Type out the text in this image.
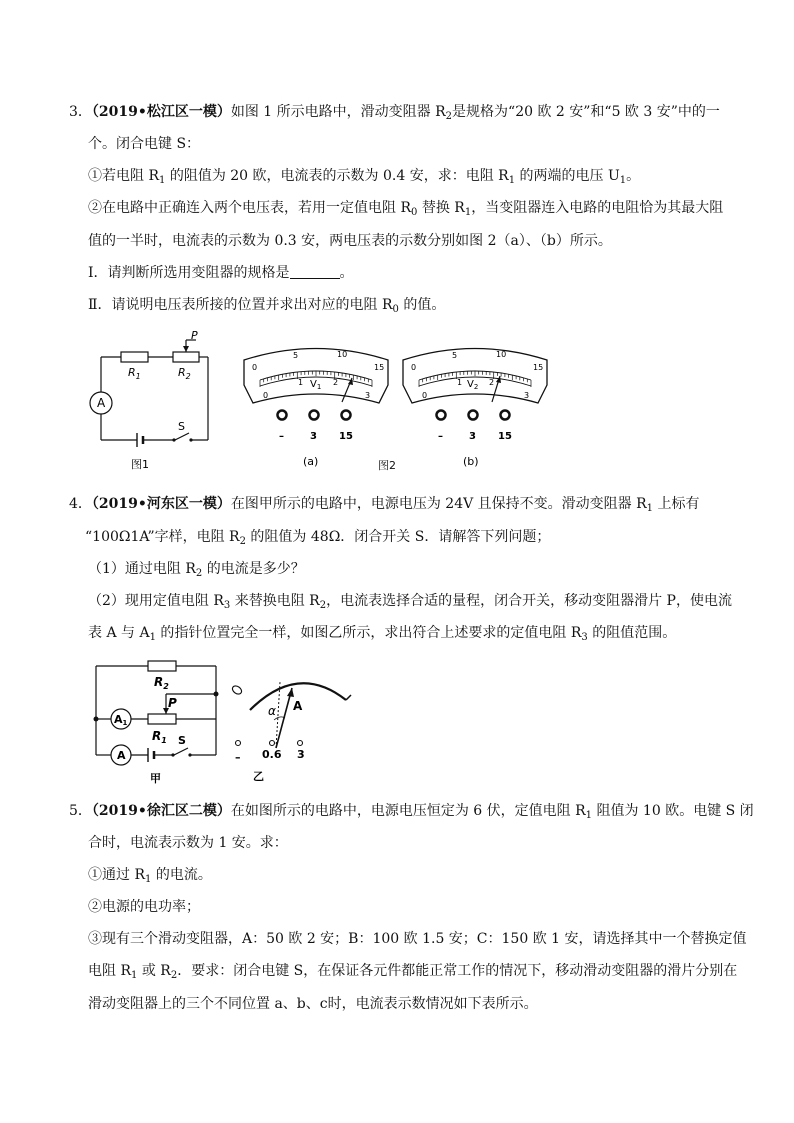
3．（2019•松江区一模）如图 1 所示电路中，滑动变阻器 $R_2$是规格为“20 欧 2 安”和“5 欧 3 安”中的一
个。闭合电键 S：
①若电阻 $R_1$ 的阻值为 20 欧，电流表的示数为 0.4 安，求：电阻 $R_1$ 的两端的电压 $U_1$。
②在电路中正确连入两个电压表，若用一定值电阻 $R_0$ 替换 $R_1$，当变阻器连入电路的电阻恰为其最大阻
值的一半时，电流表的示数为 0.3 安，两电压表的示数分别如图 2（a）、（b）所示。
Ⅰ．请判断所选用变阻器的规格是	。
Ⅱ．请说明电压表所接的位置并求出对应的电阻 $R_0$ 的值。
P
$R_1$	$R_2$
A
S
图1
0
5	10
15
0
1	2
3
$V_1$
–	3 15
(a)	图2
0
5	10
15
0
1	2
3
$V_2$
–	3 15
(b)
4．（2019•河东区一模）在图甲所示的电路中，电源电压为 24V 且保持不变。滑动变阻器 $R_1$ 上标有
“100Ω1A”字样，电阻 $R_2$ 的阻值为 48Ω．闭合开关 S．请解答下列问题；
（1）通过电阻 $R_2$ 的电流是多少？
（2）现用定值电阻 $R_3$ 来替换电阻 $R_2$，电流表选择合适的量程，闭合开关，移动变阻器滑片 P，使电流
表 A 与 $A_1$ 的指针位置完全一样，如图乙所示，求出符合上述要求的定值电阻 $R_3$ 的阻值范围。
$R_2$
P
$R_1$
A1
A
S
甲
α A
– 0.6 3
乙
5．（2019•徐汇区二模）在如图所示的电路中，电源电压恒定为 6 伏，定值电阻 $R_1$ 阻值为 10 欧。电键 S 闭
合时，电流表示数为 1 安。求：
①通过 $R_1$ 的电流。
②电源的电功率；
③现有三个滑动变阻器，A：50 欧 2 安；B：100 欧 1.5 安；C：150 欧 1 安，请选择其中一个替换定值
电阻 $R_1$ 或 $R_2$．要求：闭合电键 S，在保证各元件都能正常工作的情况下，移动滑动变阻器的滑片分别在
滑动变阻器上的三个不同位置 a、b、c时，电流表示数情况如下表所示。
